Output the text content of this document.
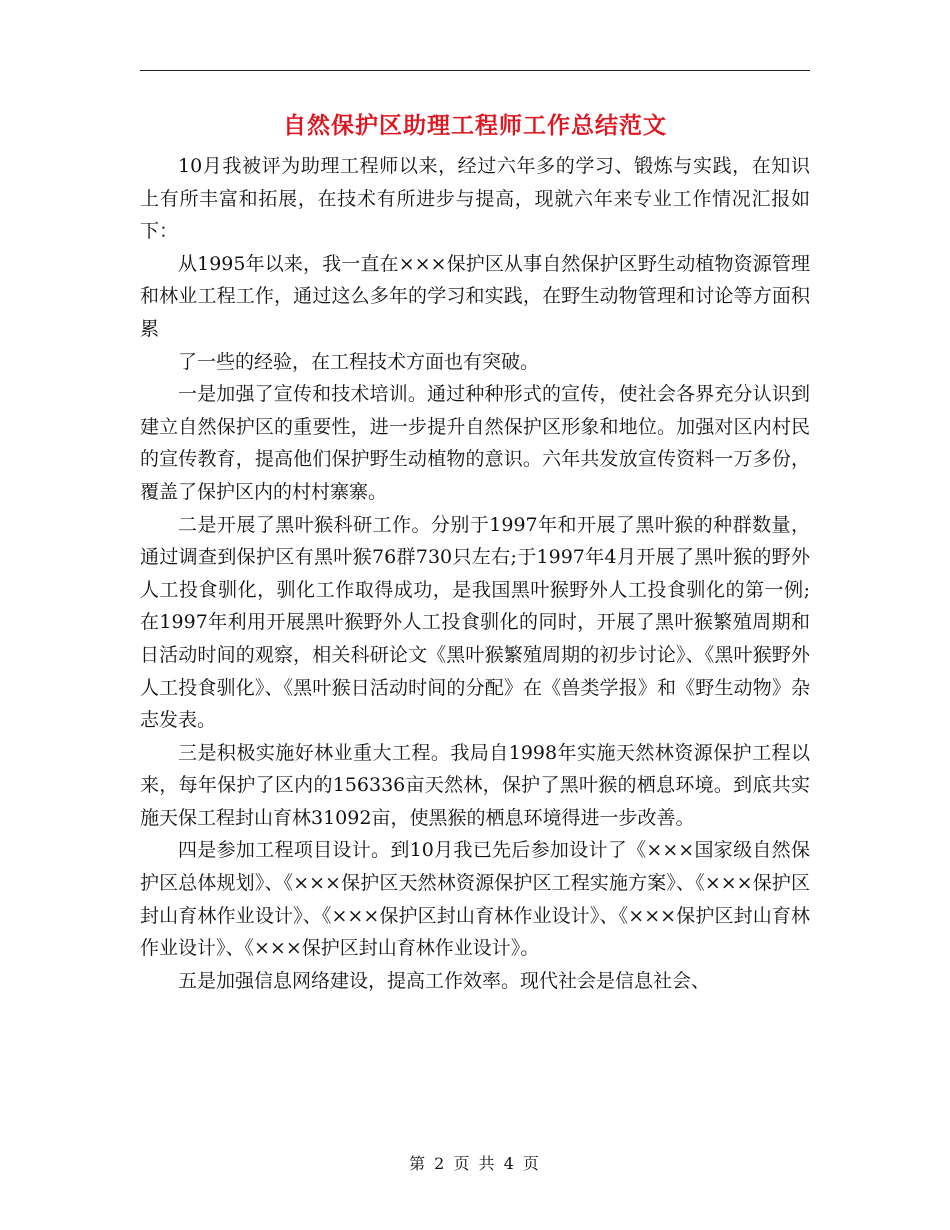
自然保护区助理工程师工作总结范文

10月我被评为助理工程师以来，经过六年多的学习、锻炼与实践，在知识上有所丰富和拓展，在技术有所进步与提高，现就六年来专业工作情况汇报如下：

从1995年以来，我一直在×××保护区从事自然保护区野生动植物资源管理和林业工程工作，通过这么多年的学习和实践，在野生动物管理和讨论等方面积累

了一些的经验，在工程技术方面也有突破。

一是加强了宣传和技术培训。通过种种形式的宣传，使社会各界充分认识到建立自然保护区的重要性，进一步提升自然保护区形象和地位。加强对区内村民的宣传教育，提高他们保护野生动植物的意识。六年共发放宣传资料一万多份，覆盖了保护区内的村村寨寨。

二是开展了黑叶猴科研工作。分别于1997年和开展了黑叶猴的种群数量，通过调查到保护区有黑叶猴76群730只左右;于1997年4月开展了黑叶猴的野外人工投食驯化，驯化工作取得成功，是我国黑叶猴野外人工投食驯化的第一例;在1997年利用开展黑叶猴野外人工投食驯化的同时，开展了黑叶猴繁殖周期和日活动时间的观察，相关科研论文《黑叶猴繁殖周期的初步讨论》、《黑叶猴野外人工投食驯化》、《黑叶猴日活动时间的分配》在《兽类学报》和《野生动物》杂志发表。

三是积极实施好林业重大工程。我局自1998年实施天然林资源保护工程以来，每年保护了区内的156336亩天然林，保护了黑叶猴的栖息环境。到底共实施天保工程封山育林31092亩，使黑猴的栖息环境得进一步改善。

四是参加工程项目设计。到10月我已先后参加设计了《×××国家级自然保护区总体规划》、《×××保护区天然林资源保护区工程实施方案》、《×××保护区封山育林作业设计》、《×××保护区封山育林作业设计》、《×××保护区封山育林作业设计》、《×××保护区封山育林作业设计》。

五是加强信息网络建设，提高工作效率。现代社会是信息社会、

第 2 页 共 4 页
